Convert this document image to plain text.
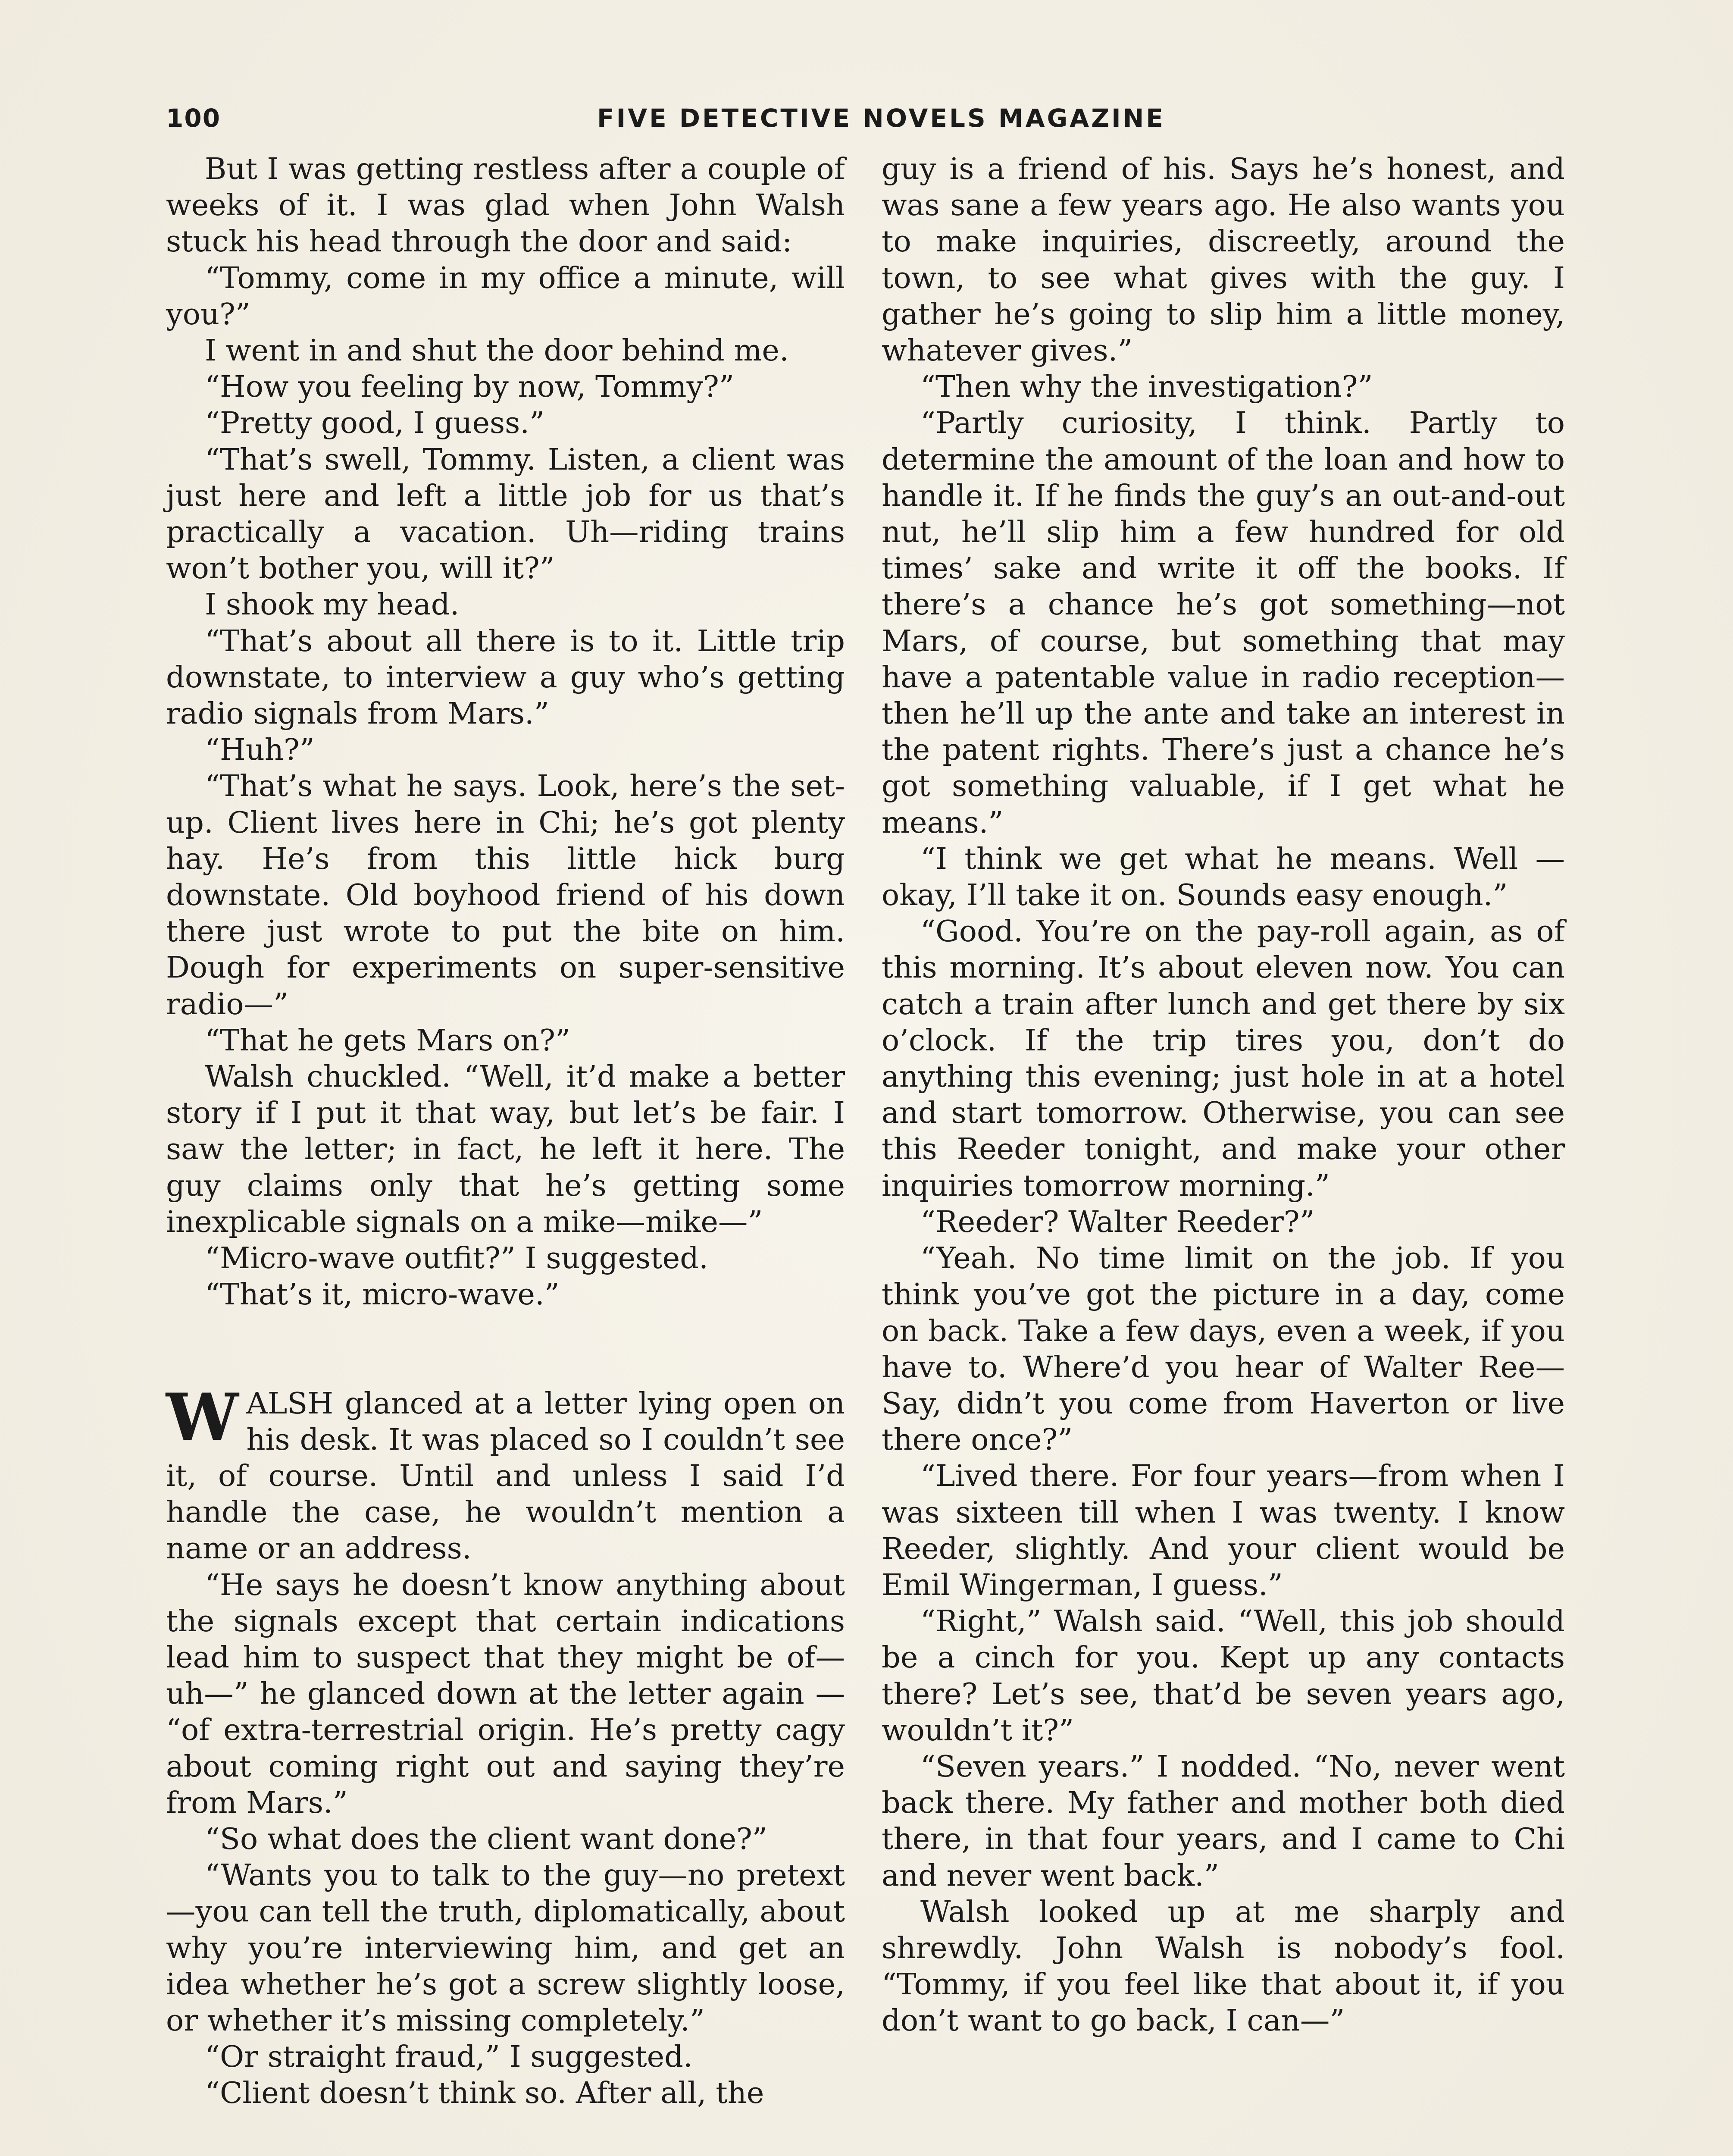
100	FIVE DETECTIVE NOVELS MAGAZINE

But I was getting restless after a couple of weeks of it. I was glad when John Walsh stuck his head through the door and said:

“Tommy, come in my office a minute, will you?”

I went in and shut the door behind me.

“How you feeling by now, Tommy?”

“Pretty good, I guess.”

“That’s swell, Tommy. Listen, a client was just here and left a little job for us that’s practically a vacation. Uh—riding trains won’t bother you, will it?”

I shook my head.

“That’s about all there is to it. Little trip downstate, to interview a guy who’s getting radio signals from Mars.”

“Huh?”

“That’s what he says. Look, here’s the set-up. Client lives here in Chi; he’s got plenty hay. He’s from this little hick burg downstate. Old boyhood friend of his down there just wrote to put the bite on him. Dough for experiments on super-sensitive radio—”

“That he gets Mars on?”

Walsh chuckled. “Well, it’d make a better story if I put it that way, but let’s be fair. I saw the letter; in fact, he left it here. The guy claims only that he’s getting some inexplicable signals on a mike—mike—”

“Micro-wave outfit?” I suggested.

“That’s it, micro-wave.”

WALSH glanced at a letter lying open on his desk. It was placed so I couldn’t see it, of course. Until and unless I said I’d handle the case, he wouldn’t mention a name or an address.

“He says he doesn’t know anything about the signals except that certain indications lead him to suspect that they might be of—uh—” he glanced down at the letter again — “of extra-terrestrial origin. He’s pretty cagy about coming right out and saying they’re from Mars.”

“So what does the client want done?”

“Wants you to talk to the guy—no pretext—you can tell the truth, diplomatically, about why you’re interviewing him, and get an idea whether he’s got a screw slightly loose, or whether it’s missing completely.”

“Or straight fraud,” I suggested.

“Client doesn’t think so. After all, the

guy is a friend of his. Says he’s honest, and was sane a few years ago. He also wants you to make inquiries, discreetly, around the town, to see what gives with the guy. I gather he’s going to slip him a little money, whatever gives.”

“Then why the investigation?”

“Partly curiosity, I think. Partly to determine the amount of the loan and how to handle it. If he finds the guy’s an out-and-out nut, he’ll slip him a few hundred for old times’ sake and write it off the books. If there’s a chance he’s got something—not Mars, of course, but something that may have a patentable value in radio reception—then he’ll up the ante and take an interest in the patent rights. There’s just a chance he’s got something valuable, if I get what he means.”

“I think we get what he means. Well —okay, I’ll take it on. Sounds easy enough.”

“Good. You’re on the pay-roll again, as of this morning. It’s about eleven now. You can catch a train after lunch and get there by six o’clock. If the trip tires you, don’t do anything this evening; just hole in at a hotel and start tomorrow. Otherwise, you can see this Reeder tonight, and make your other inquiries tomorrow morning.”

“Reeder? Walter Reeder?”

“Yeah. No time limit on the job. If you think you’ve got the picture in a day, come on back. Take a few days, even a week, if you have to. Where’d you hear of Walter Ree— Say, didn’t you come from Haverton or live there once?”

“Lived there. For four years—from when I was sixteen till when I was twenty. I know Reeder, slightly. And your client would be Emil Wingerman, I guess.”

“Right,” Walsh said. “Well, this job should be a cinch for you. Kept up any contacts there? Let’s see, that’d be seven years ago, wouldn’t it?”

“Seven years.” I nodded. “No, never went back there. My father and mother both died there, in that four years, and I came to Chi and never went back.”

Walsh looked up at me sharply and shrewdly. John Walsh is nobody’s fool. “Tommy, if you feel like that about it, if you don’t want to go back, I can—”
